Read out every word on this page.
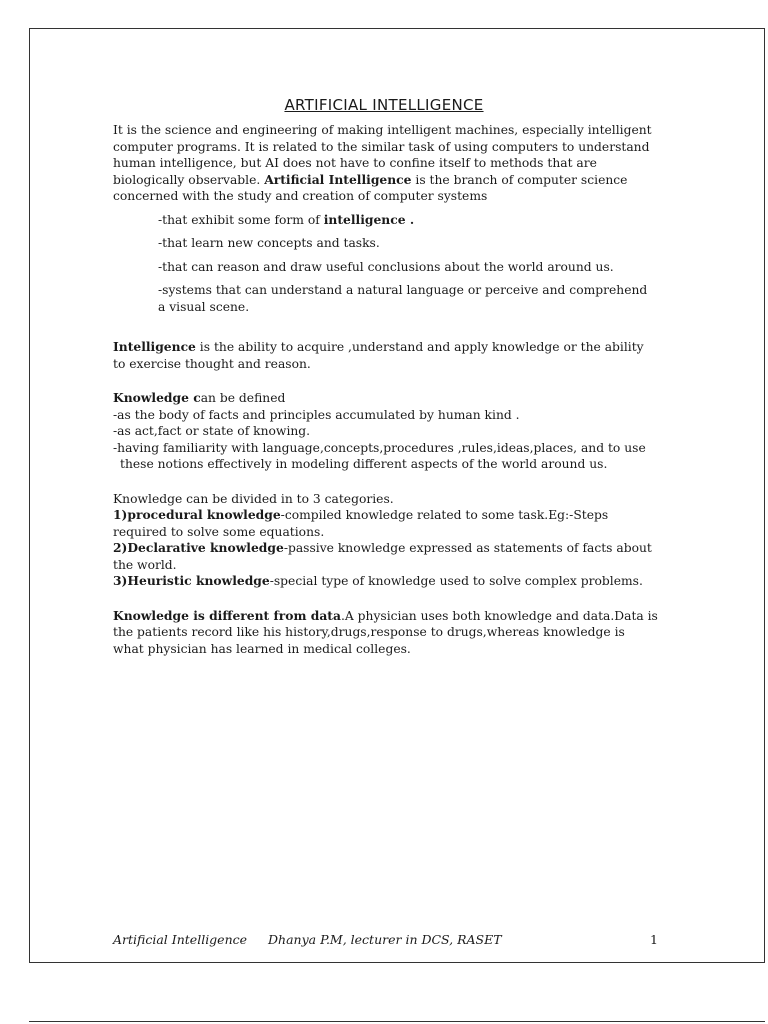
ARTIFICIAL INTELLIGENCE

It is the science and engineering of making intelligent machines, especially intelligent computer programs. It is related to the similar task of using computers to understand human intelligence, but AI does not have to confine itself to methods that are biologically observable. Artificial Intelligence is the branch of computer science concerned with the study and creation of computer systems

-that exhibit some form of intelligence .

-that learn new concepts and tasks.

-that can reason and draw useful conclusions about the world around us.

-systems that can understand a natural language or perceive and comprehend a visual scene.

Intelligence is the ability to acquire ,understand and apply knowledge or the ability to exercise thought and reason.

Knowledge can be defined

-as the body of facts and principles accumulated by human kind .

-as act,fact or state of knowing.

-having familiarity with language,concepts,procedures ,rules,ideas,places, and to use

these notions effectively in modeling different aspects of the world around us.

Knowledge can be divided in to 3 categories.

1)procedural knowledge-compiled knowledge related to some task.Eg:-Steps required to solve some equations.

2)Declarative knowledge-passive knowledge expressed as statements of facts about the world.

3)Heuristic knowledge-special type of knowledge used to solve complex problems.

Knowledge is different from data.A physician uses both knowledge and data.Data is the patients record like his history,drugs,response to drugs,whereas knowledge is what physician has learned in medical colleges.

Artificial Intelligence Dhanya P.M, lecturer in DCS, RASET	1
